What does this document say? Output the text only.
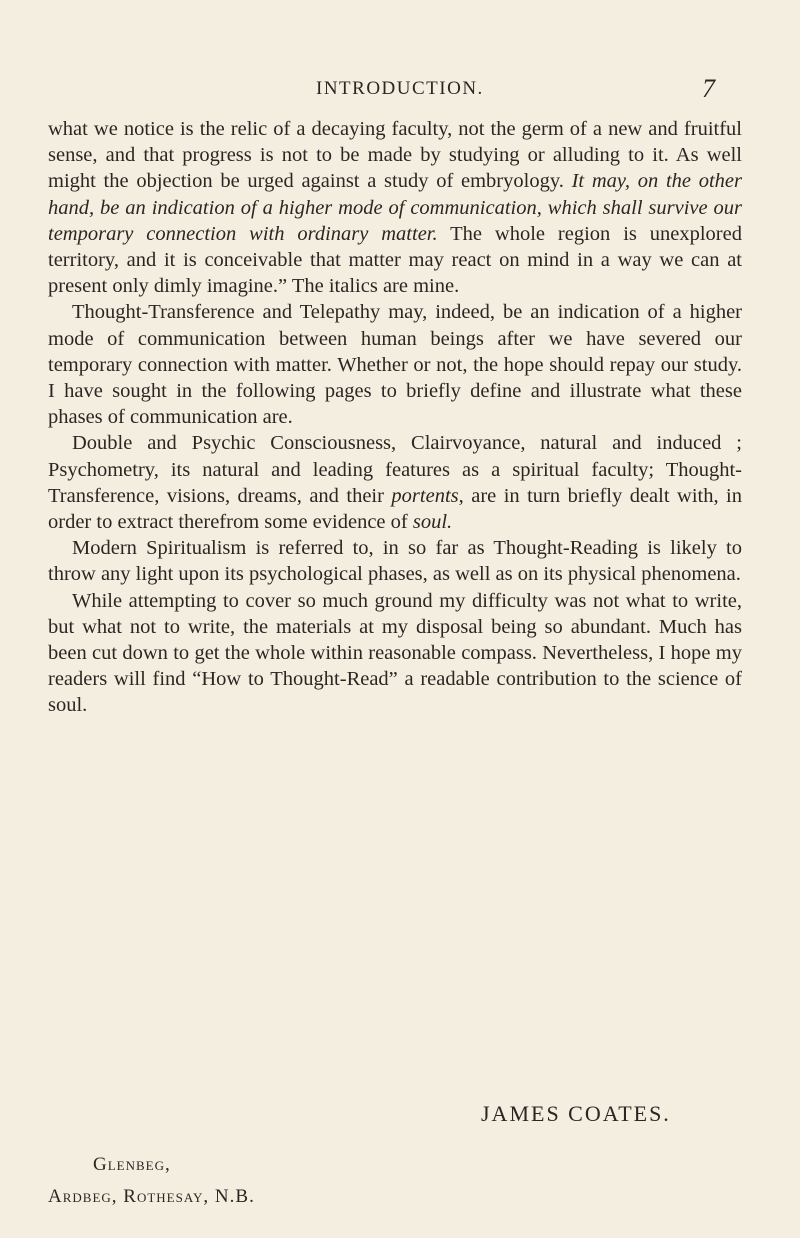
INTRODUCTION.	7

what we notice is the relic of a decaying faculty, not the germ of a new and fruitful sense, and that progress is not to be made by studying or alluding to it. As well might the objection be urged against a study of embryology. It may, on the other hand, be an indication of a higher mode of communication, which shall survive our temporary connection with ordinary matter. The whole region is unexplored territory, and it is conceivable that matter may react on mind in a way we can at present only dimly imagine.” The italics are mine.

Thought-Transference and Telepathy may, indeed, be an indication of a higher mode of communication between human beings after we have severed our temporary connection with matter. Whether or not, the hope should repay our study. I have sought in the following pages to briefly define and illustrate what these phases of communication are.

Double and Psychic Consciousness, Clairvoyance, natural and induced ; Psychometry, its natural and leading features as a spiritual faculty; Thought-Transference, visions, dreams, and their portents, are in turn briefly dealt with, in order to extract therefrom some evidence of soul.

Modern Spiritualism is referred to, in so far as Thought-Reading is likely to throw any light upon its psychological phases, as well as on its physical phenomena.

While attempting to cover so much ground my difficulty was not what to write, but what not to write, the materials at my disposal being so abundant. Much has been cut down to get the whole within reasonable compass. Nevertheless, I hope my readers will find “How to Thought-Read” a readable contribution to the science of soul.

JAMES COATES.
Glenbeg,
Ardbeg, Rothesay, N.B.
